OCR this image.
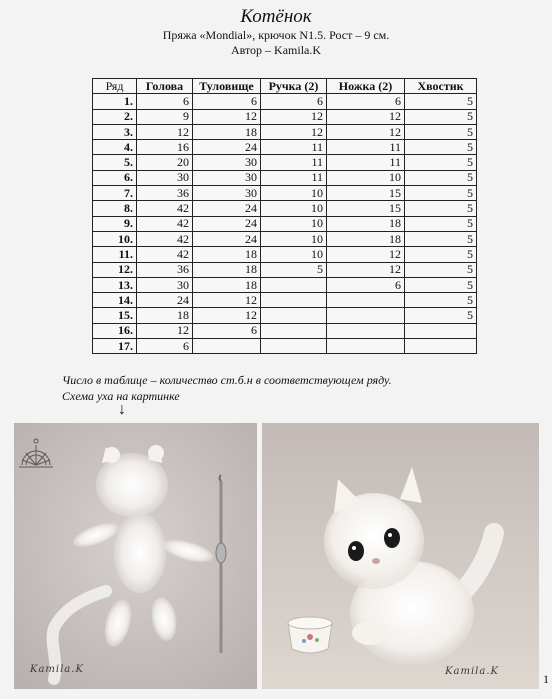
Котёнок

Пряжа «Mondial», крючок N1.5. Рост – 9 см.

Автор – Kamila.K

Ряд	Голова	Туловище	Ручка (2)	Ножка (2)	Хвостик
1.	6	6	6	6	5
2.	9	12	12	12	5
3.	12	18	12	12	5
4.	16	24	11	11	5
5.	20	30	11	11	5
6.	30	30	11	10	5
7.	36	30	10	15	5
8.	42	24	10	15	5
9.	42	24	10	18	5
10.	42	24	10	18	5
11.	42	18	10	12	5
12.	36	18	5	12	5
13.	30	18		6	5
14.	24	12			5
15.	18	12			5
16.	12	6			
17.	6				
Число в таблице – количество ст.б.н в соответствующем ряду.
Схема уха на картинке
↓
Kamila.K	Kamila.K
1
